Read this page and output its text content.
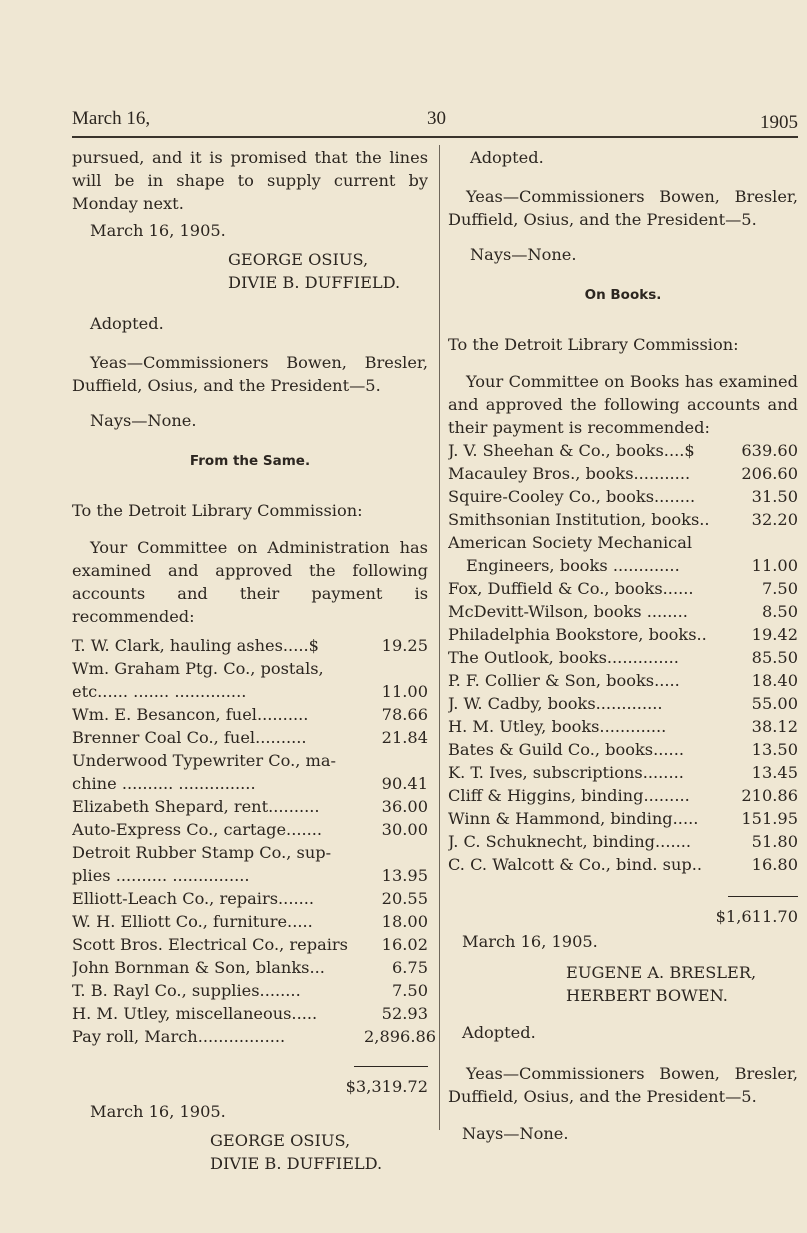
March 16,	30	1905

pursued, and it is promised that the lines will be in shape to supply current by Monday next.

March 16, 1905.

GEORGE OSIUS,

DIVIE B. DUFFIELD.

Adopted.

Yeas—Commissioners Bowen, Bresler, Duffield, Osius, and the President—5.

Nays—None.

From the Same.

To the Detroit Library Commission:

Your Committee on Administration has examined and approved the following accounts and their payment is recommended:

T. W. Clark, hauling ashes.....$	19.25
Wm. Graham Ptg. Co., postals,
etc...... ....... ..............	11.00
Wm. E. Besancon, fuel..........	78.66
Brenner Coal Co., fuel..........	21.84
Underwood Typewriter Co., ma-
chine .......... ...............	90.41
Elizabeth Shepard, rent..........	36.00
Auto-Express Co., cartage.......	30.00
Detroit Rubber Stamp Co., sup-
plies .......... ...............	13.95
Elliott-Leach Co., repairs.......	20.55
W. H. Elliott Co., furniture.....	18.00
Scott Bros. Electrical Co., repairs	16.02
John Bornman & Son, blanks...	6.75
T. B. Rayl Co., supplies........	7.50
H. M. Utley, miscellaneous.....	52.93
Pay roll, March.................	2,896.86
$3,319.72

March 16, 1905.

GEORGE OSIUS,

DIVIE B. DUFFIELD.

Adopted.

Yeas—Commissioners Bowen, Bresler, Duffield, Osius, and the President—5.

Nays—None.

On Books.

To the Detroit Library Commission:

Your Committee on Books has examined and approved the following accounts and their payment is recommended:

J. V. Sheehan & Co., books....$	639.60
Macauley Bros., books...........	206.60
Squire-Cooley Co., books........	31.50
Smithsonian Institution, books..	32.20
American Society Mechanical
Engineers, books .............	11.00
Fox, Duffield & Co., books......	7.50
McDevitt-Wilson, books ........	8.50
Philadelphia Bookstore, books..	19.42
The Outlook, books..............	85.50
P. F. Collier & Son, books.....	18.40
J. W. Cadby, books.............	55.00
H. M. Utley, books.............	38.12
Bates & Guild Co., books......	13.50
K. T. Ives, subscriptions........	13.45
Cliff & Higgins, binding.........	210.86
Winn & Hammond, binding.....	151.95
J. C. Schuknecht, binding.......	51.80
C. C. Walcott & Co., bind. sup..	16.80
$1,611.70

March 16, 1905.

EUGENE A. BRESLER,

HERBERT BOWEN.

Adopted.

Yeas—Commissioners Bowen, Bresler, Duffield, Osius, and the President—5.

Nays—None.
